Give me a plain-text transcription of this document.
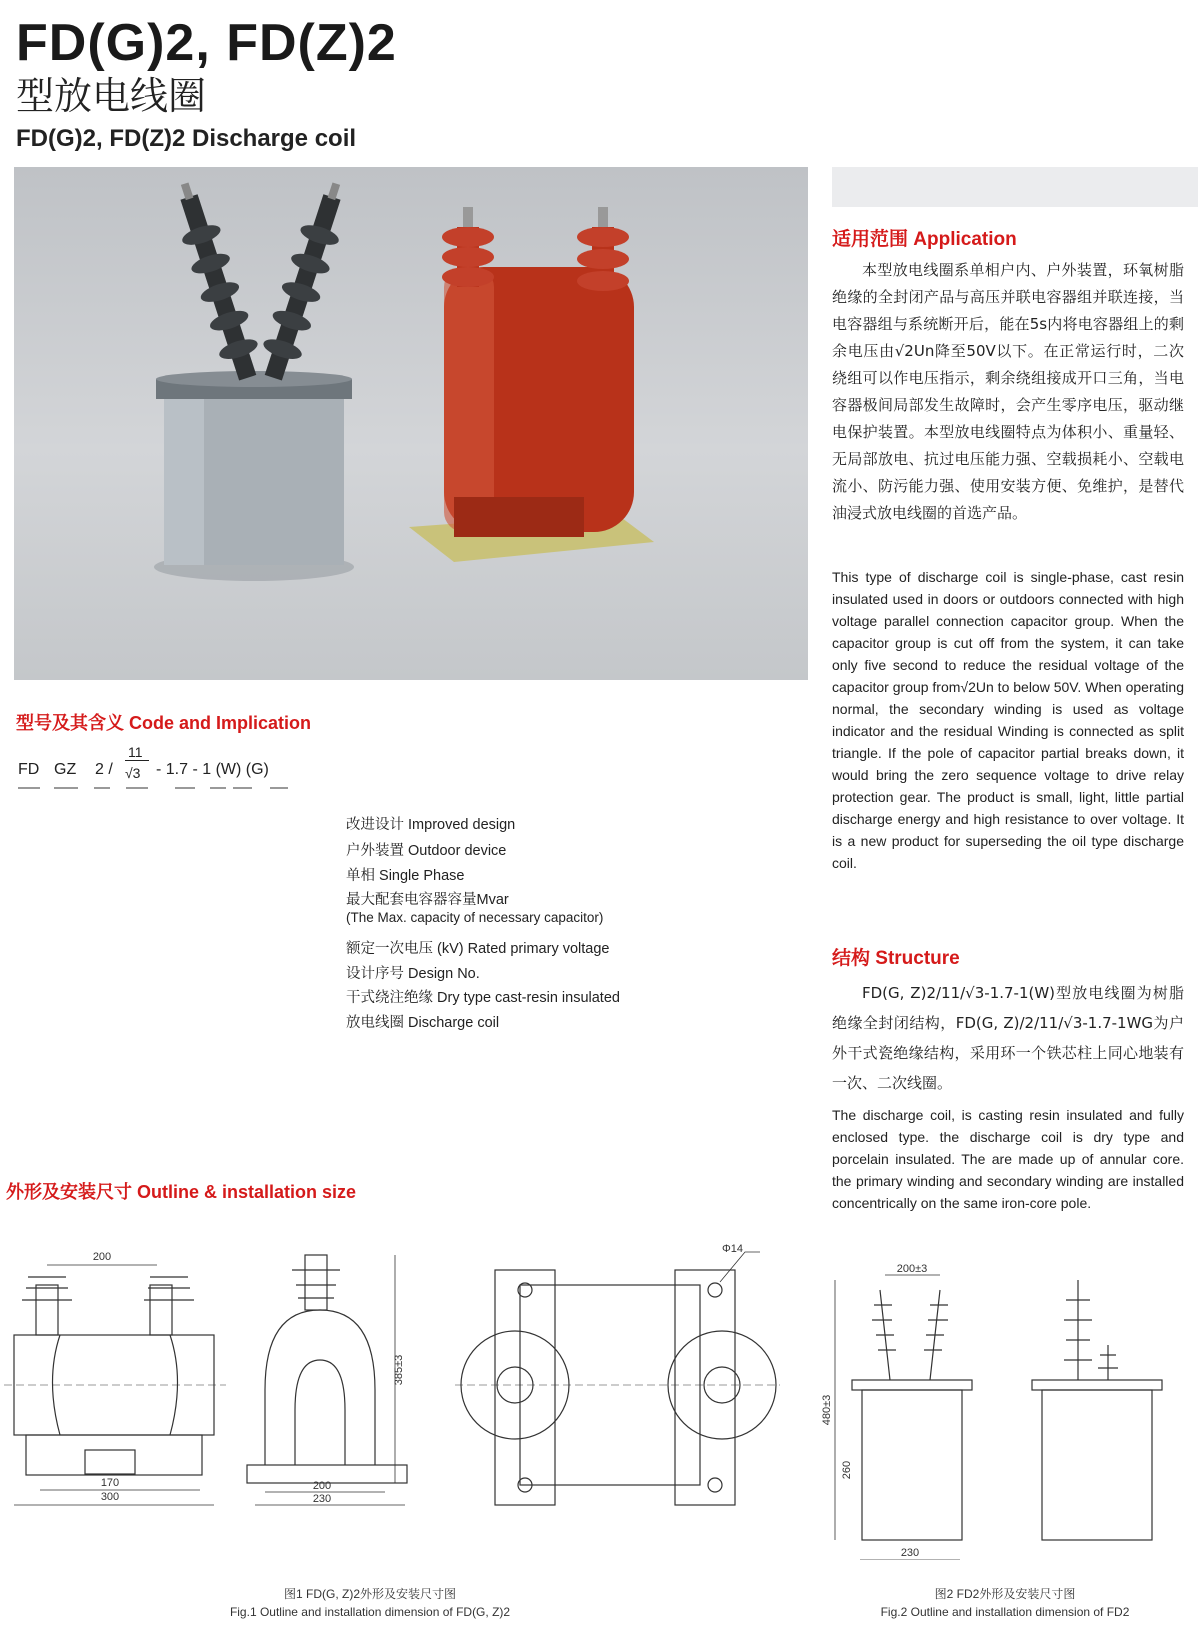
FD(G)2, FD(Z)2
型放电线圈
FD(G)2, FD(Z)2 Discharge coil
适用范围 Application
本型放电线圈系单相户内、户外装置，环氧树脂绝缘的全封闭产品与高压并联电容器组并联连接，当电容器组与系统断开后，能在5s内将电容器组上的剩余电压由√2Un降至50V以下。在正常运行时，二次绕组可以作电压指示，剩余绕组接成开口三角，当电容器极间局部发生故障时，会产生零序电压，驱动继电保护装置。本型放电线圈特点为体积小、重量轻、无局部放电、抗过电压能力强、空载损耗小、空载电流小、防污能力强、使用安装方便、免维护，是替代油浸式放电线圈的首选产品。
This type of discharge coil is single-phase, cast resin insulated used in doors or outdoors connected with high voltage parallel connection capacitor group. When the capacitor group is cut off from the system, it can take only five second to reduce the residual voltage of the capacitor group from√2Un to below 50V. When operating normal, the secondary winding is used as voltage indicator and the residual Winding is connected as split triangle. If the pole of capacitor partial breaks down, it would bring the zero sequence voltage to drive relay protection gear. The product is small, light, little partial discharge energy and high resistance to over voltage. It is a new product for superseding the oil type discharge coil.
结构 Structure
FD(G, Z)2/11/√3-1.7-1(W)型放电线圈为树脂绝缘全封闭结构，FD(G, Z)/2/11/√3-1.7-1WG为户外干式瓷绝缘结构，采用环一个铁芯柱上同心地装有一次、二次线圈。
The discharge coil, is casting resin insulated and fully enclosed type. the discharge coil is dry type and porcelain insulated. The are made up of annular core. the primary winding and secondary winding are installed concentrically on the same iron-core pole.
型号及其含义 Code and Implication
FD GZ 2 /
11
√3 - 1.7 - 1 (W) (G)
改进设计 Improved design
户外装置 Outdoor device
单相 Single Phase
最大配套电容器容量Mvar
(The Max. capacity of necessary capacitor)
额定一次电压 (kV) Rated primary voltage
设计序号 Design No.
干式绕注绝缘 Dry type cast-resin insulated
放电线圈 Discharge coil
外形及安装尺寸 Outline & installation size
200
170
300
385±3
200
230
Φ14
200±3
480±3
260
230
图1 FD(G, Z)2外形及安装尺寸图
Fig.1 Outline and installation dimension of FD(G, Z)2
图2 FD2外形及安装尺寸图
Fig.2 Outline and installation dimension of FD2
